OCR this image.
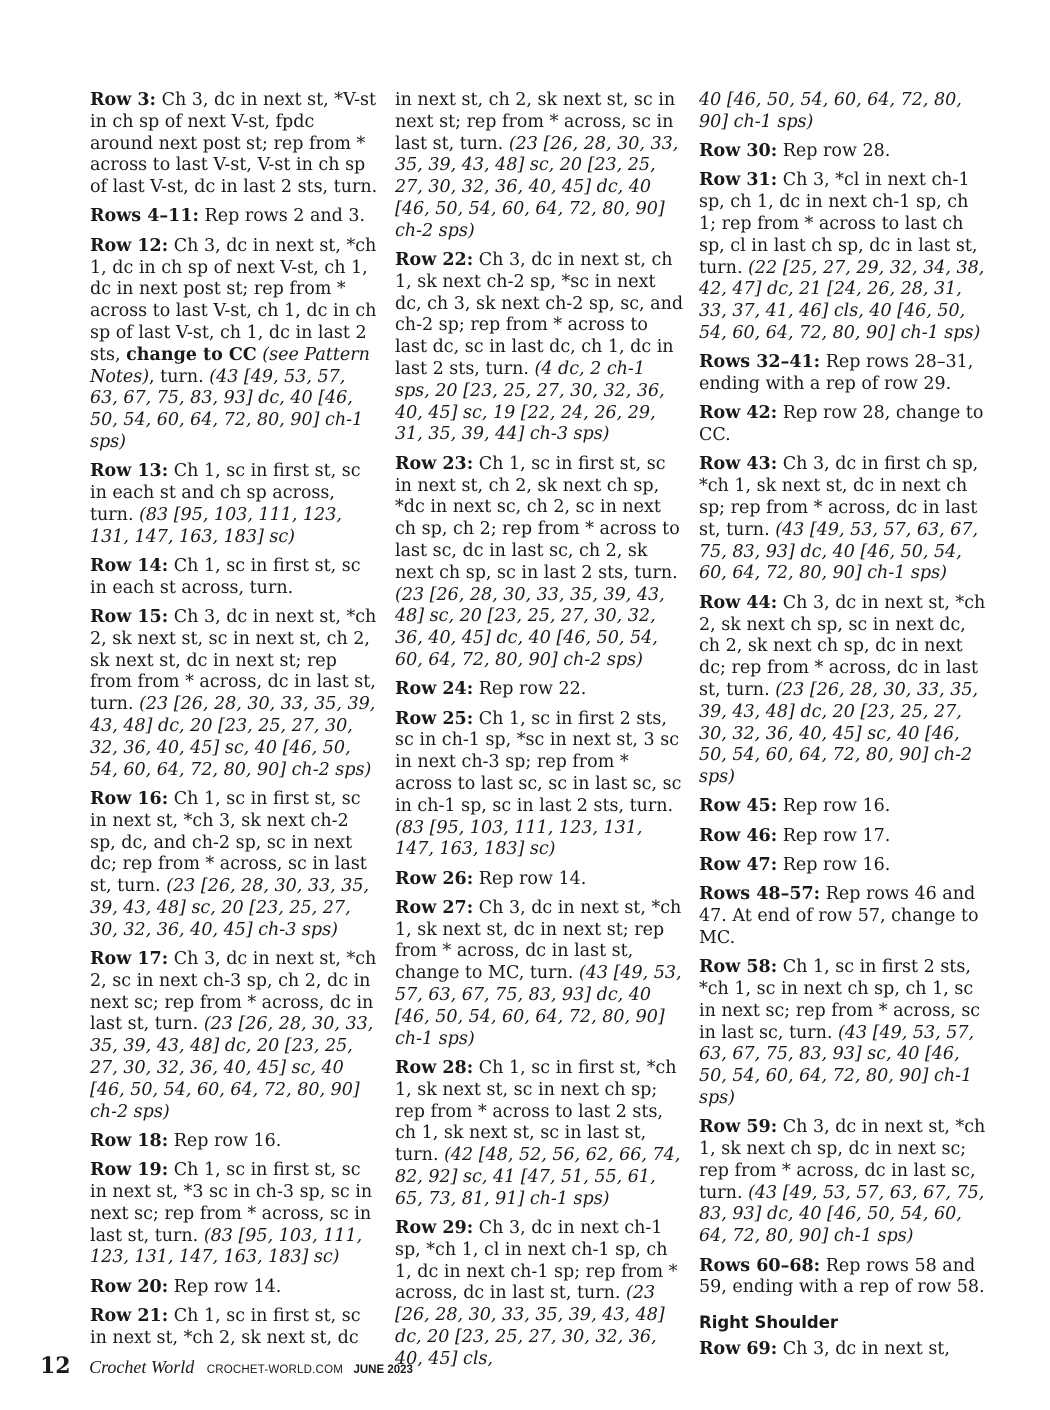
Row 3: Ch 3, dc in next st, *V-st in ch sp of next V-st, fpdc around next post st; rep from * across to last V-st, V-st in ch sp of last V-st, dc in last 2 sts, turn.

Rows 4–11: Rep rows 2 and 3.

Row 12: Ch 3, dc in next st, *ch 1, dc in ch sp of next V-st, ch 1, dc in next post st; rep from * across to last V-st, ch 1, dc in ch sp of last V-st, ch 1, dc in last 2 sts, change to CC (see Pattern Notes), turn. (43 [49, 53, 57, 63, 67, 75, 83, 93] dc, 40 [46, 50, 54, 60, 64, 72, 80, 90] ch-1 sps)

Row 13: Ch 1, sc in first st, sc in each st and ch sp across, turn. (83 [95, 103, 111, 123, 131, 147, 163, 183] sc)

Row 14: Ch 1, sc in first st, sc in each st across, turn.

Row 15: Ch 3, dc in next st, *ch 2, sk next st, sc in next st, ch 2, sk next st, dc in next st; rep from from * across, dc in last st, turn. (23 [26, 28, 30, 33, 35, 39, 43, 48] dc, 20 [23, 25, 27, 30, 32, 36, 40, 45] sc, 40 [46, 50, 54, 60, 64, 72, 80, 90] ch-2 sps)

Row 16: Ch 1, sc in first st, sc in next st, *ch 3, sk next ch-2 sp, dc, and ch-2 sp, sc in next dc; rep from * across, sc in last st, turn. (23 [26, 28, 30, 33, 35, 39, 43, 48] sc, 20 [23, 25, 27, 30, 32, 36, 40, 45] ch-3 sps)

Row 17: Ch 3, dc in next st, *ch 2, sc in next ch-3 sp, ch 2, dc in next sc; rep from * across, dc in last st, turn. (23 [26, 28, 30, 33, 35, 39, 43, 48] dc, 20 [23, 25, 27, 30, 32, 36, 40, 45] sc, 40 [46, 50, 54, 60, 64, 72, 80, 90] ch-2 sps)

Row 18: Rep row 16.

Row 19: Ch 1, sc in first st, sc in next st, *3 sc in ch-3 sp, sc in next sc; rep from * across, sc in last st, turn. (83 [95, 103, 111, 123, 131, 147, 163, 183] sc)

Row 20: Rep row 14.

Row 21: Ch 1, sc in first st, sc in next st, *ch 2, sk next st, dc

in next st, ch 2, sk next st, sc in next st; rep from * across, sc in last st, turn. (23 [26, 28, 30, 33, 35, 39, 43, 48] sc, 20 [23, 25, 27, 30, 32, 36, 40, 45] dc, 40 [46, 50, 54, 60, 64, 72, 80, 90] ch-2 sps)

Row 22: Ch 3, dc in next st, ch 1, sk next ch-2 sp, *sc in next dc, ch 3, sk next ch-2 sp, sc, and ch-2 sp; rep from * across to last dc, sc in last dc, ch 1, dc in last 2 sts, turn. (4 dc, 2 ch-1 sps, 20 [23, 25, 27, 30, 32, 36, 40, 45] sc, 19 [22, 24, 26, 29, 31, 35, 39, 44] ch-3 sps)

Row 23: Ch 1, sc in first st, sc in next st, ch 2, sk next ch sp, *dc in next sc, ch 2, sc in next ch sp, ch 2; rep from * across to last sc, dc in last sc, ch 2, sk next ch sp, sc in last 2 sts, turn. (23 [26, 28, 30, 33, 35, 39, 43, 48] sc, 20 [23, 25, 27, 30, 32, 36, 40, 45] dc, 40 [46, 50, 54, 60, 64, 72, 80, 90] ch-2 sps)

Row 24: Rep row 22.

Row 25: Ch 1, sc in first 2 sts, sc in ch-1 sp, *sc in next st, 3 sc in next ch-3 sp; rep from * across to last sc, sc in last sc, sc in ch-1 sp, sc in last 2 sts, turn. (83 [95, 103, 111, 123, 131, 147, 163, 183] sc)

Row 26: Rep row 14.

Row 27: Ch 3, dc in next st, *ch 1, sk next st, dc in next st; rep from * across, dc in last st, change to MC, turn. (43 [49, 53, 57, 63, 67, 75, 83, 93] dc, 40 [46, 50, 54, 60, 64, 72, 80, 90] ch-1 sps)

Row 28: Ch 1, sc in first st, *ch 1, sk next st, sc in next ch sp; rep from * across to last 2 sts, ch 1, sk next st, sc in last st, turn. (42 [48, 52, 56, 62, 66, 74, 82, 92] sc, 41 [47, 51, 55, 61, 65, 73, 81, 91] ch-1 sps)

Row 29: Ch 3, dc in next ch-1 sp, *ch 1, cl in next ch-1 sp, ch 1, dc in next ch-1 sp; rep from * across, dc in last st, turn. (23 [26, 28, 30, 33, 35, 39, 43, 48] dc, 20 [23, 25, 27, 30, 32, 36, 40, 45] cls,

40 [46, 50, 54, 60, 64, 72, 80, 90] ch-1 sps)

Row 30: Rep row 28.

Row 31: Ch 3, *cl in next ch-1 sp, ch 1, dc in next ch-1 sp, ch 1; rep from * across to last ch sp, cl in last ch sp, dc in last st, turn. (22 [25, 27, 29, 32, 34, 38, 42, 47] dc, 21 [24, 26, 28, 31, 33, 37, 41, 46] cls, 40 [46, 50, 54, 60, 64, 72, 80, 90] ch-1 sps)

Rows 32–41: Rep rows 28–31, ending with a rep of row 29.

Row 42: Rep row 28, change to CC.

Row 43: Ch 3, dc in first ch sp, *ch 1, sk next st, dc in next ch sp; rep from * across, dc in last st, turn. (43 [49, 53, 57, 63, 67, 75, 83, 93] dc, 40 [46, 50, 54, 60, 64, 72, 80, 90] ch-1 sps)

Row 44: Ch 3, dc in next st, *ch 2, sk next ch sp, sc in next dc, ch 2, sk next ch sp, dc in next dc; rep from * across, dc in last st, turn. (23 [26, 28, 30, 33, 35, 39, 43, 48] dc, 20 [23, 25, 27, 30, 32, 36, 40, 45] sc, 40 [46, 50, 54, 60, 64, 72, 80, 90] ch-2 sps)

Row 45: Rep row 16.

Row 46: Rep row 17.

Row 47: Rep row 16.

Rows 48–57: Rep rows 46 and 47. At end of row 57, change to MC.

Row 58: Ch 1, sc in first 2 sts, *ch 1, sc in next ch sp, ch 1, sc in next sc; rep from * across, sc in last sc, turn. (43 [49, 53, 57, 63, 67, 75, 83, 93] sc, 40 [46, 50, 54, 60, 64, 72, 80, 90] ch-1 sps)

Row 59: Ch 3, dc in next st, *ch 1, sk next ch sp, dc in next sc; rep from * across, dc in last sc, turn. (43 [49, 53, 57, 63, 67, 75, 83, 93] dc, 40 [46, 50, 54, 60, 64, 72, 80, 90] ch-1 sps)

Rows 60–68: Rep rows 58 and 59, ending with a rep of row 58.

Right Shoulder

Row 69: Ch 3, dc in next st,

12 Crochet World CROCHET-WORLD.COM JUNE 2023
